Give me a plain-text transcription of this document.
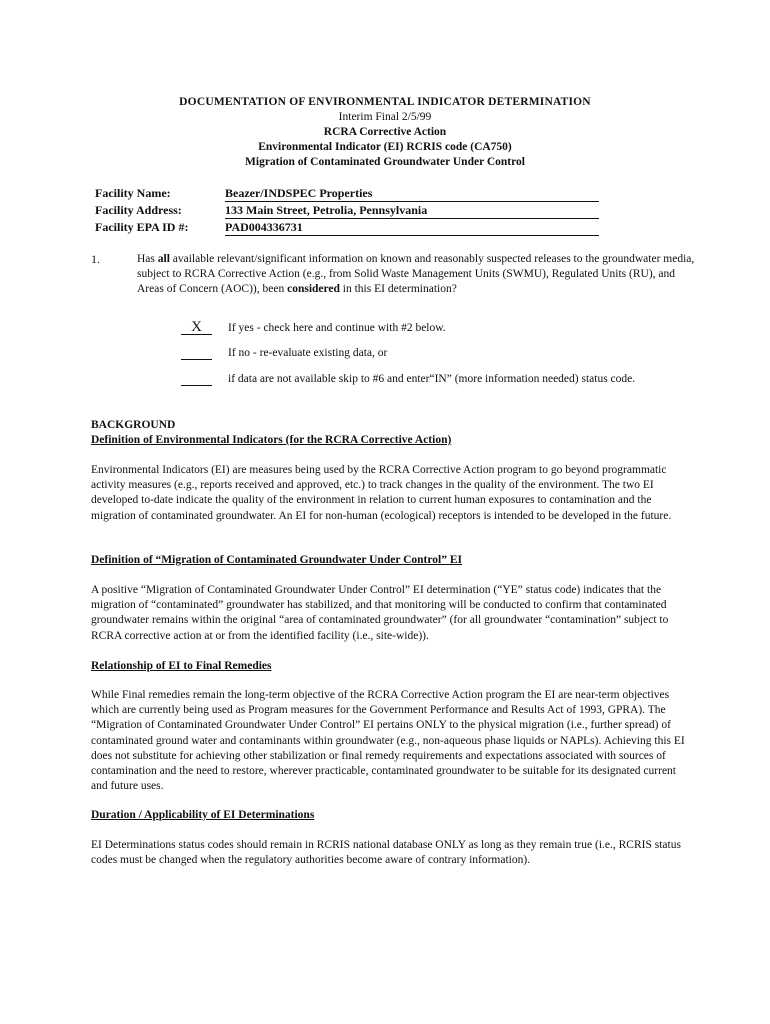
DOCUMENTATION OF ENVIRONMENTAL INDICATOR DETERMINATION
Interim Final 2/5/99
RCRA Corrective Action
Environmental Indicator (EI) RCRIS code (CA750)
Migration of Contaminated Groundwater Under Control
Facility Name:	Beazer/INDSPEC Properties
Facility Address:	133 Main Street, Petrolia, Pennsylvania
Facility EPA ID #:	PAD004336731
1.	Has all available relevant/significant information on known and reasonably suspected releases to the groundwater media, subject to RCRA Corrective Action (e.g., from Solid Waste Management Units (SWMU), Regulated Units (RU), and Areas of Concern (AOC)), been considered in this EI determination?
X	If yes - check here and continue with #2 below.
If no - re-evaluate existing data, or
if data are not available skip to #6 and enter“IN” (more information needed) status code.
BACKGROUND
Definition of Environmental Indicators (for the RCRA Corrective Action)
Environmental Indicators (EI) are measures being used by the RCRA Corrective Action program to go beyond programmatic activity measures (e.g., reports received and approved, etc.) to track changes in the quality of the environment. The two EI developed to-date indicate the quality of the environment in relation to current human exposures to contamination and the migration of contaminated groundwater. An EI for non-human (ecological) receptors is intended to be developed in the future.
Definition of “Migration of Contaminated Groundwater Under Control” EI
A positive “Migration of Contaminated Groundwater Under Control” EI determination (“YE” status code) indicates that the migration of “contaminated” groundwater has stabilized, and that monitoring will be conducted to confirm that contaminated groundwater remains within the original “area of contaminated groundwater” (for all groundwater “contamination” subject to RCRA corrective action at or from the identified facility (i.e., site-wide)).
Relationship of EI to Final Remedies
While Final remedies remain the long-term objective of the RCRA Corrective Action program the EI are near-term objectives which are currently being used as Program measures for the Government Performance and Results Act of 1993, GPRA). The “Migration of Contaminated Groundwater Under Control” EI pertains ONLY to the physical migration (i.e., further spread) of contaminated ground water and contaminants within groundwater (e.g., non-aqueous phase liquids or NAPLs). Achieving this EI does not substitute for achieving other stabilization or final remedy requirements and expectations associated with sources of contamination and the need to restore, wherever practicable, contaminated groundwater to be suitable for its designated current and future uses.
Duration / Applicability of EI Determinations
EI Determinations status codes should remain in RCRIS national database ONLY as long as they remain true (i.e., RCRIS status codes must be changed when the regulatory authorities become aware of contrary information).
